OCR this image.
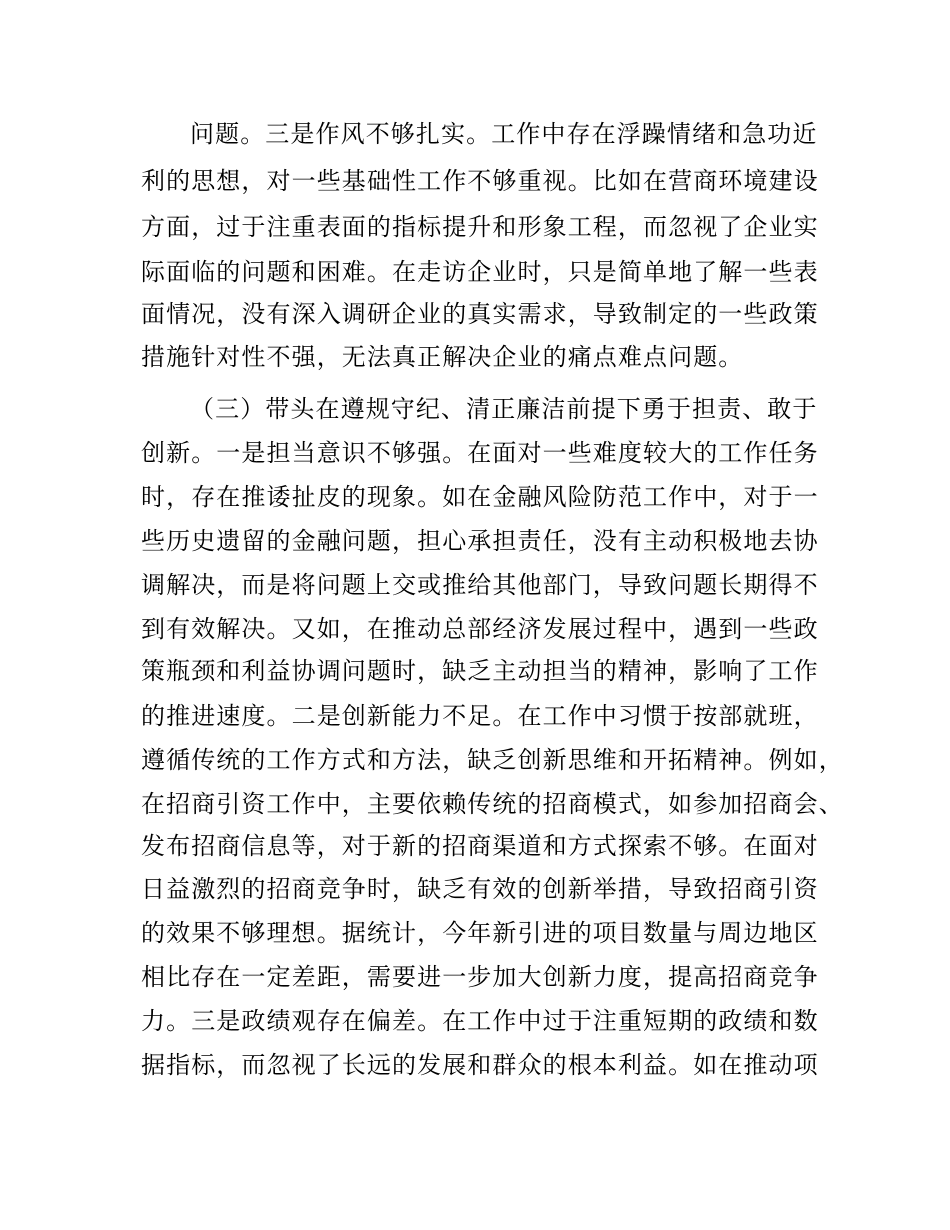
问题。三是作风不够扎实。工作中存在浮躁情绪和急功近
利的思想，对一些基础性工作不够重视。比如在营商环境建设
方面，过于注重表面的指标提升和形象工程，而忽视了企业实
际面临的问题和困难。在走访企业时，只是简单地了解一些表
面情况，没有深入调研企业的真实需求，导致制定的一些政策
措施针对性不强，无法真正解决企业的痛点难点问题。
（三）带头在遵规守纪、清正廉洁前提下勇于担责、敢于
创新。一是担当意识不够强。在面对一些难度较大的工作任务
时，存在推诿扯皮的现象。如在金融风险防范工作中，对于一
些历史遗留的金融问题，担心承担责任，没有主动积极地去协
调解决，而是将问题上交或推给其他部门，导致问题长期得不
到有效解决。又如，在推动总部经济发展过程中，遇到一些政
策瓶颈和利益协调问题时，缺乏主动担当的精神，影响了工作
的推进速度。二是创新能力不足。在工作中习惯于按部就班，
遵循传统的工作方式和方法，缺乏创新思维和开拓精神。例如，
在招商引资工作中，主要依赖传统的招商模式，如参加招商会、
发布招商信息等，对于新的招商渠道和方式探索不够。在面对
日益激烈的招商竞争时，缺乏有效的创新举措，导致招商引资
的效果不够理想。据统计，今年新引进的项目数量与周边地区
相比存在一定差距，需要进一步加大创新力度，提高招商竞争
力。三是政绩观存在偏差。在工作中过于注重短期的政绩和数
据指标，而忽视了长远的发展和群众的根本利益。如在推动项
